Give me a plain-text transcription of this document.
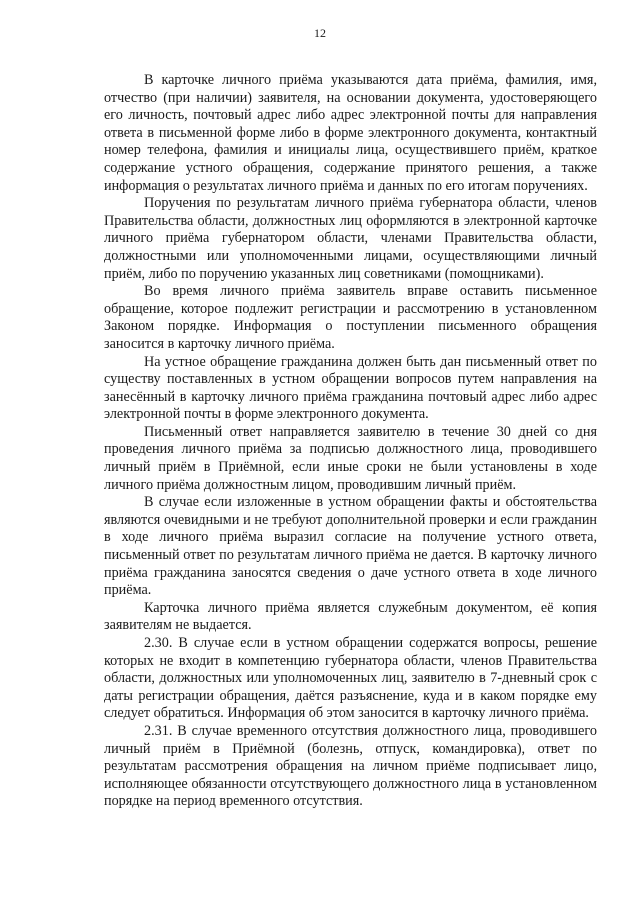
12

В карточке личного приёма указываются дата приёма, фамилия, имя, отчество (при наличии) заявителя, на основании документа, удостоверяющего его личность, почтовый адрес либо адрес электронной почты для направления ответа в письменной форме либо в форме электронного документа, контактный номер телефона, фамилия и инициалы лица, осуществившего приём, краткое содержание устного обращения, содержание принятого решения, а также информация о результатах личного приёма и данных по его итогам поручениях.

Поручения по результатам личного приёма губернатора области, членов Правительства области, должностных лиц оформляются в электронной карточке личного приёма губернатором области, членами Правительства области, должностными или уполномоченными лицами, осуществляющими личный приём, либо по поручению указанных лиц советниками (помощниками).

Во время личного приёма заявитель вправе оставить письменное обращение, которое подлежит регистрации и рассмотрению в установленном Законом порядке. Информация о поступлении письменного обращения заносится в карточку личного приёма.

На устное обращение гражданина должен быть дан письменный ответ по существу поставленных в устном обращении вопросов путем направления на занесённый в карточку личного приёма гражданина почтовый адрес либо адрес электронной почты в форме электронного документа.

Письменный ответ направляется заявителю в течение 30 дней со дня проведения личного приёма за подписью должностного лица, проводившего личный приём в Приёмной, если иные сроки не были установлены в ходе личного приёма должностным лицом, проводившим личный приём.

В случае если изложенные в устном обращении факты и обстоятельства являются очевидными и не требуют дополнительной проверки и если гражданин в ходе личного приёма выразил согласие на получение устного ответа, письменный ответ по результатам личного приёма не дается. В карточку личного приёма гражданина заносятся сведения о даче устного ответа в ходе личного приёма.

Карточка личного приёма является служебным документом, её копия заявителям не выдается.

2.30. В случае если в устном обращении содержатся вопросы, решение которых не входит в компетенцию губернатора области, членов Правительства области, должностных или уполномоченных лиц, заявителю в 7-дневный срок с даты регистрации обращения, даётся разъяснение, куда и в каком порядке ему следует обратиться. Информация об этом заносится в карточку личного приёма.

2.31. В случае временного отсутствия должностного лица, проводившего личный приём в Приёмной (болезнь, отпуск, командировка), ответ по результатам рассмотрения обращения на личном приёме подписывает лицо, исполняющее обязанности отсутствующего должностного лица в установленном порядке на период временного отсутствия.
